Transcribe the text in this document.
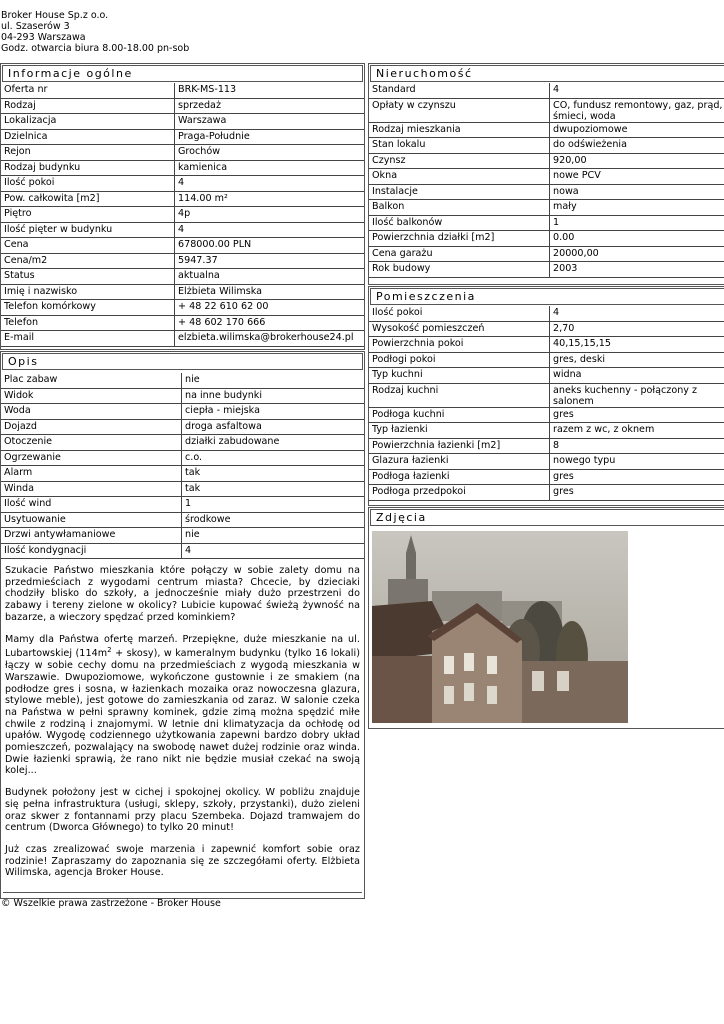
Broker House Sp.z o.o.
ul. Szaserów 3
04-293 Warszawa
Godz. otwarcia biura 8.00-18.00 pn-sob
Informacje ogólne
Oferta nr	BRK-MS-113
Rodzaj	sprzedaż
Lokalizacja	Warszawa
Dzielnica	Praga-Południe
Rejon	Grochów
Rodzaj budynku	kamienica
Ilość pokoi	4
Pow. całkowita [m2]	114.00 m²
Piętro	4p
Ilość pięter w budynku	4
Cena	678000.00 PLN
Cena/m2	5947.37
Status	aktualna
Imię i nazwisko	Elżbieta Wilimska
Telefon komórkowy	+ 48 22 610 62 00
Telefon	+ 48 602 170 666
E-mail	elzbieta.wilimska@brokerhouse24.pl
Opis
Plac zabaw	nie
Widok	na inne budynki
Woda	ciepła - miejska
Dojazd	droga asfaltowa
Otoczenie	działki zabudowane
Ogrzewanie	c.o.
Alarm	tak
Winda	tak
Ilość wind	1
Usytuowanie	środkowe
Drzwi antywłamaniowe	nie
Ilość kondygnacji	4

Szukacie Państwo mieszkania które połączy w sobie zalety domu na przedmieściach z wygodami centrum miasta? Chcecie, by dzieciaki chodziły blisko do szkoły, a jednocześnie miały dużo przestrzeni do zabawy i tereny zielone w okolicy? Lubicie kupować świeżą żywność na bazarze, a wieczory spędzać przed kominkiem?

Mamy dla Państwa ofertę marzeń. Przepiękne, duże mieszkanie na ul. Lubartowskiej ($114m^2$ + skosy), w kameralnym budynku (tylko 16 lokali) łączy w sobie cechy domu na przedmieściach z wygodą mieszkania w Warszawie. Dwupoziomowe, wykończone gustownie i ze smakiem (na podłodze gres i sosna, w łazienkach mozaika oraz nowoczesna glazura, stylowe meble), jest gotowe do zamieszkania od zaraz. W salonie czeka na Państwa w pełni sprawny kominek, gdzie zimą można spędzić miłe chwile z rodziną i znajomymi. W letnie dni klimatyzacja da ochłodę od upałów. Wygodę codziennego użytkowania zapewni bardzo dobry układ pomieszczeń, pozwalający na swobodę nawet dużej rodzinie oraz winda. Dwie łazienki sprawią, że rano nikt nie będzie musiał czekać na swoją kolej...

Budynek położony jest w cichej i spokojnej okolicy. W pobliżu znajduje się pełna infrastruktura (usługi, sklepy, szkoły, przystanki), dużo zieleni oraz skwer z fontannami przy placu Szembeka. Dojazd tramwajem do centrum (Dworca Głównego) to tylko 20 minut!

Już czas zrealizować swoje marzenia i zapewnić komfort sobie oraz rodzinie! Zapraszamy do zapoznania się ze szczegółami oferty. Elżbieta Wilimska, agencja Broker House.

Nieruchomość
Standard	4
Opłaty w czynszu	CO, fundusz remontowy, gaz, prąd, śmieci, woda
Rodzaj mieszkania	dwupoziomowe
Stan lokalu	do odświeżenia
Czynsz	920,00
Okna	nowe PCV
Instalacje	nowa
Balkon	mały
Ilość balkonów	1
Powierzchnia działki [m2]	0.00
Cena garażu	20000,00
Rok budowy	2003
Pomieszczenia
Ilość pokoi	4
Wysokość pomieszczeń	2,70
Powierzchnia pokoi	40,15,15,15
Podłogi pokoi	gres, deski
Typ kuchni	widna
Rodzaj kuchni	aneks kuchenny - połączony z salonem
Podłoga kuchni	gres
Typ łazienki	razem z wc, z oknem
Powierzchnia łazienki [m2]	8
Glazura łazienki	nowego typu
Podłoga łazienki	gres
Podłoga przedpokoi	gres
Zdjęcia
© Wszelkie prawa zastrzeżone - Broker House
